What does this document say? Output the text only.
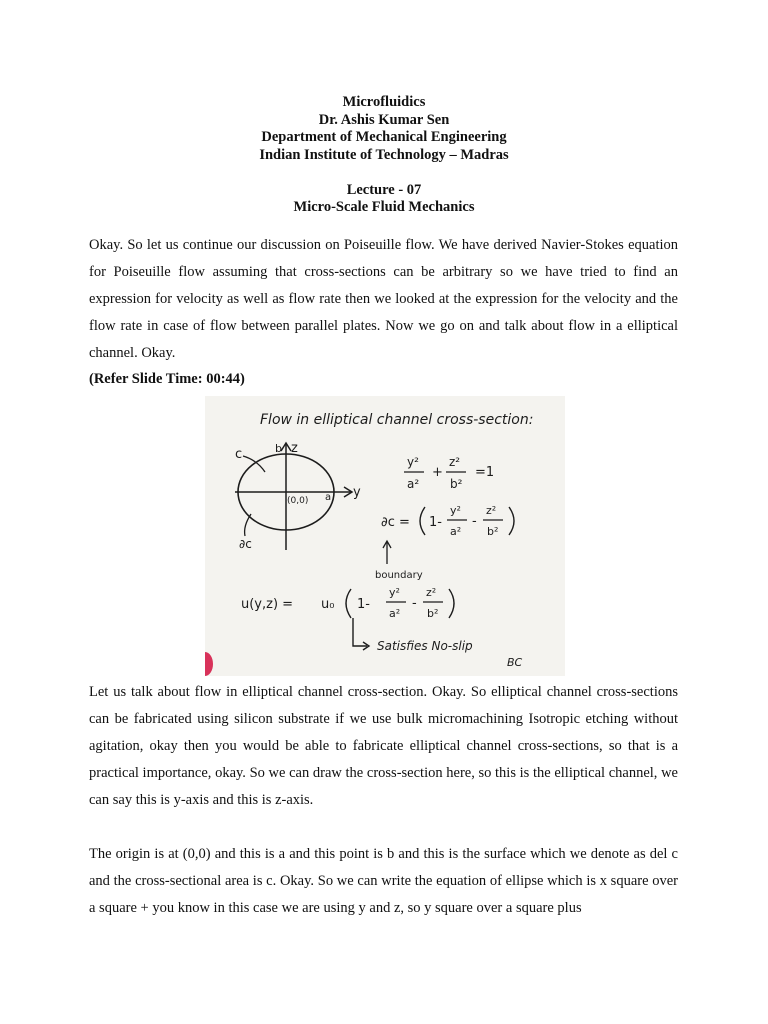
Microfluidics
Dr. Ashis Kumar Sen
Department of Mechanical Engineering
Indian Institute of Technology – Madras
Lecture - 07
Micro-Scale Fluid Mechanics

Okay. So let us continue our discussion on Poiseuille flow. We have derived Navier-Stokes equation for Poiseuille flow assuming that cross-sections can be arbitrary so we have tried to find an expression for velocity as well as flow rate then we looked at the expression for the velocity and the flow rate in case of flow between parallel plates. Now we go on and talk about flow in a elliptical channel. Okay.

(Refer Slide Time: 00:44)
Flow in elliptical channel cross-section:
c	b z
y
(0,0) a
∂c
y²
a²
+
z²
b²
=1
∂c = 1-
y²
a²
-
z²
b²
boundary
u(y,z) = u₀ 1-
y²
a²
-
z²
b²
Satisfies No-slip
BC

Let us talk about flow in elliptical channel cross-section. Okay. So elliptical channel cross-sections can be fabricated using silicon substrate if we use bulk micromachining Isotropic etching without agitation, okay then you would be able to fabricate elliptical channel cross-sections, so that is a practical importance, okay. So we can draw the cross-section here, so this is the elliptical channel, we can say this is y-axis and this is z-axis.

The origin is at (0,0) and this is a and this point is b and this is the surface which we denote as del c and the cross-sectional area is c. Okay. So we can write the equation of ellipse which is x square over a square + you know in this case we are using y and z, so y square over a square plus
